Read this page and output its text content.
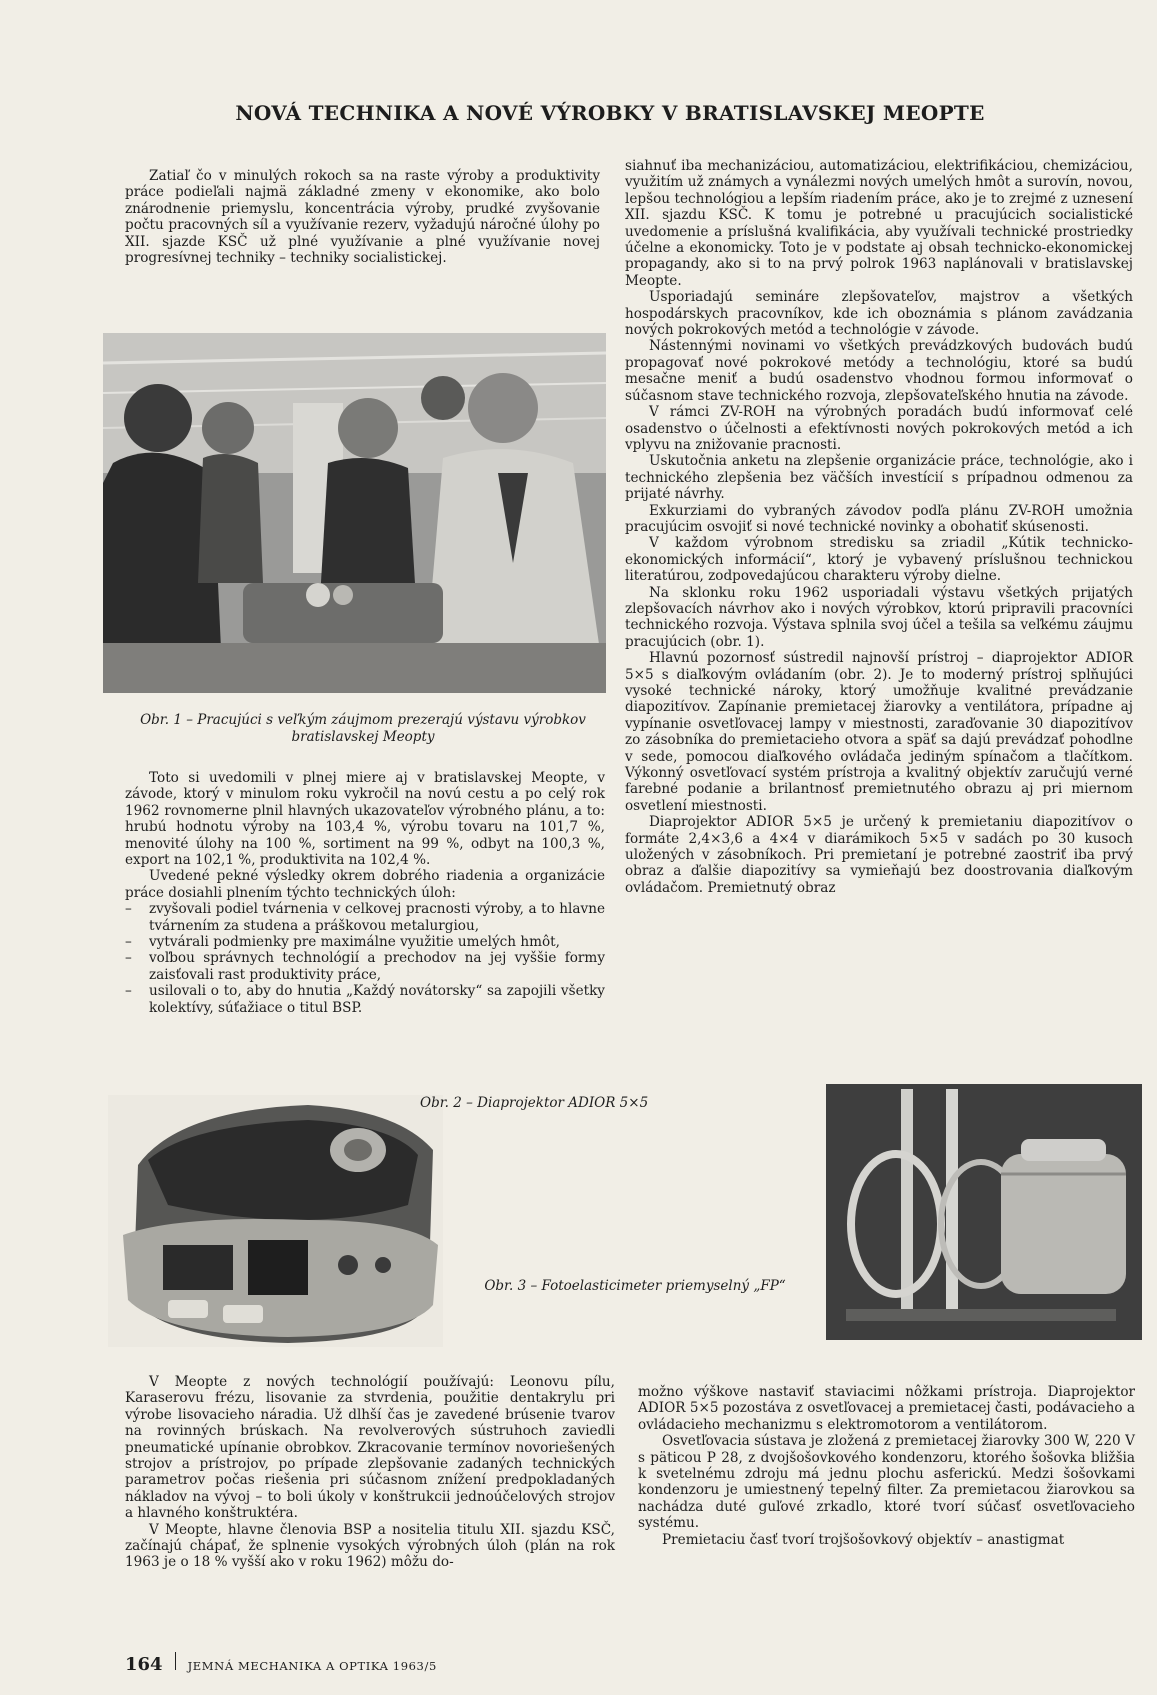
NOVÁ TECHNIKA A NOVÉ VÝROBKY V BRATISLAVSKEJ MEOPTE

Zatiaľ čo v minulých rokoch sa na raste výroby a produktivity práce podieľali najmä základné zmeny v ekonomike, ako bolo znárodnenie priemyslu, koncentrácia výroby, prudké zvyšovanie počtu pracovných síl a využívanie rezerv, vyžadujú náročné úlohy po XII. sjazde KSČ už plné využívanie a plné využívanie novej progresívnej techniky – techniky socialistickej.

Obr. 1 – Pracujúci s veľkým záujmom prezerajú výstavu výrobkov bratislavskej Meopty

Toto si uvedomili v plnej miere aj v bratislavskej Meopte, v závode, ktorý v minulom roku vykročil na novú cestu a po celý rok 1962 rovnomerne plnil hlavných ukazovateľov výrobného plánu, a to: hrubú hodnotu výroby na 103,4 %, výrobu tovaru na 101,7 %, menovité úlohy na 100 %, sortiment na 99 %, odbyt na 100,3 %, export na 102,1 %, produktivita na 102,4 %.

Uvedené pekné výsledky okrem dobrého riadenia a organizácie práce dosiahli plnením týchto technických úloh:

– zvyšovali podiel tvárnenia v celkovej pracnosti výroby, a to hlavne tvárnením za studena a práškovou metalurgiou,
– vytvárali podmienky pre maximálne využitie umelých hmôt,
– voľbou správnych technológií a prechodov na jej vyššie formy zaisťovali rast produktivity práce,
– usilovali o to, aby do hnutia „Každý novátorsky“ sa zapojili všetky kolektívy, súťažiace o titul BSP.

siahnuť iba mechanizáciou, automatizáciou, elektrifikáciou, chemizáciou, využitím už známych a vynálezmi nových umelých hmôt a surovín, novou, lepšou technológiou a lepším riadením práce, ako je to zrejmé z uznesení XII. sjazdu KSČ. K tomu je potrebné u pracujúcich socialistické uvedomenie a príslušná kvalifikácia, aby využívali technické prostriedky účelne a ekonomicky. Toto je v podstate aj obsah technicko-ekonomickej propagandy, ako si to na prvý polrok 1963 naplánovali v bratislavskej Meopte.

Usporiadajú semináre zlepšovateľov, majstrov a všetkých hospodárskych pracovníkov, kde ich oboznámia s plánom zavádzania nových pokrokových metód a technológie v závode.

Nástennými novinami vo všetkých prevádzkových budovách budú propagovať nové pokrokové metódy a technológiu, ktoré sa budú mesačne meniť a budú osadenstvo vhodnou formou informovať o súčasnom stave technického rozvoja, zlepšovateľského hnutia na závode.

V rámci ZV-ROH na výrobných poradách budú informovať celé osadenstvo o účelnosti a efektívnosti nových pokrokových metód a ich vplyvu na znižovanie pracnosti.

Uskutočnia anketu na zlepšenie organizácie práce, technológie, ako i technického zlepšenia bez väčších investícií s prípadnou odmenou za prijaté návrhy.

Exkurziami do vybraných závodov podľa plánu ZV-ROH umožnia pracujúcim osvojiť si nové technické novinky a obohatiť skúsenosti.

V každom výrobnom stredisku sa zriadil „Kútik technicko-ekonomických informácií“, ktorý je vybavený príslušnou technickou literatúrou, zodpovedajúcou charakteru výroby dielne.

Na sklonku roku 1962 usporiadali výstavu všetkých prijatých zlepšovacích návrhov ako i nových výrobkov, ktorú pripravili pracovníci technického rozvoja. Výstava splnila svoj účel a tešila sa veľkému záujmu pracujúcich (obr. 1).

Hlavnú pozornosť sústredil najnovší prístroj – diaprojektor ADIOR 5×5 s diaľkovým ovládaním (obr. 2). Je to moderný prístroj splňujúci vysoké technické nároky, ktorý umožňuje kvalitné prevádzanie diapozitívov. Zapínanie premietacej žiarovky a ventilátora, prípadne aj vypínanie osvetľovacej lampy v miestnosti, zaraďovanie 30 diapozitívov zo zásobníka do premietacieho otvora a späť sa dajú prevádzať pohodlne v sede, pomocou diaľkového ovládača jediným spínačom a tlačítkom. Výkonný osvetľovací systém prístroja a kvalitný objektív zaručujú verné farebné podanie a brilantnosť premietnutého obrazu aj pri miernom osvetlení miestnosti.

Diaprojektor ADIOR 5×5 je určený k premietaniu diapozitívov o formáte 2,4×3,6 a 4×4 v diarámikoch 5×5 v sadách po 30 kusoch uložených v zásobníkoch. Pri premietaní je potrebné zaostriť iba prvý obraz a ďalšie diapozitívy sa vymieňajú bez doostrovania diaľkovým ovládačom. Premietnutý obraz

Obr. 2 – Diaprojektor ADIOR 5×5
Obr. 3 – Fotoelasticimeter priemyselný „FP“

V Meopte z nových technológií používajú: Leonovu pílu, Karaserovu frézu, lisovanie za stvrdenia, použitie dentakrylu pri výrobe lisovacieho náradia. Už dlhší čas je zavedené brúsenie tvarov na rovinných brúskach. Na revolverových sústruhoch zaviedli pneumatické upínanie obrobkov. Zkracovanie termínov novoriešených strojov a prístrojov, po prípade zlepšovanie zadaných technických parametrov počas riešenia pri súčasnom znížení predpokladaných nákladov na vývoj – to boli úkoly v konštrukcii jednoúčelových strojov a hlavného konštruktéra.

V Meopte, hlavne členovia BSP a nositelia titulu XII. sjazdu KSČ, začínajú chápať, že splnenie vysokých výrobných úloh (plán na rok 1963 je o 18 % vyšší ako v roku 1962) môžu do-

možno výškove nastaviť staviacimi nôžkami prístroja. Diaprojektor ADIOR 5×5 pozostáva z osvetľovacej a premietacej časti, podávacieho a ovládacieho mechanizmu s elektromotorom a ventilátorom.

Osvetľovacia sústava je zložená z premietacej žiarovky 300 W, 220 V s päticou P 28, z dvojšošovkového kondenzoru, ktorého šošovka bližšia k svetelnému zdroju má jednu plochu asferickú. Medzi šošovkami kondenzoru je umiestnený tepelný filter. Za premietacou žiarovkou sa nachádza duté guľové zrkadlo, ktoré tvorí súčasť osvetľovacieho systému.

Premietaciu časť tvorí trojšošovkový objektív – anastigmat

164 JEMNÁ MECHANIKA A OPTIKA 1963/5
